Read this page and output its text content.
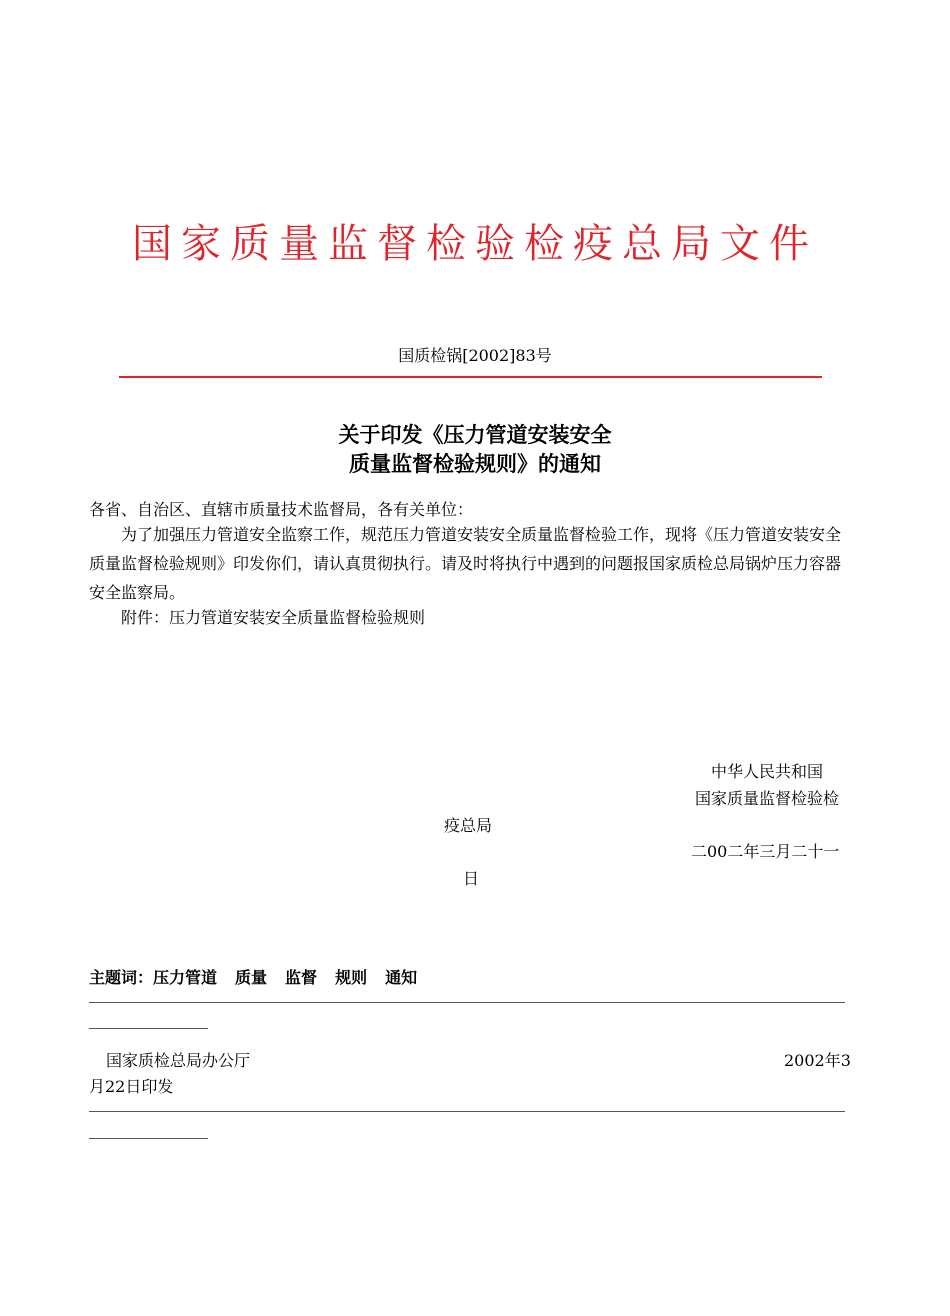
国家质量监督检验检疫总局文件
国质检锅[2002]83号
关于印发《压力管道安装安全
质量监督检验规则》的通知
各省、自治区、直辖市质量技术监督局，各有关单位：
为了加强压力管道安全监察工作，规范压力管道安装安全质量监督检验工作，现将《压力管道安装安全质量监督检验规则》印发你们，请认真贯彻执行。请及时将执行中遇到的问题报国家质检总局锅炉压力容器安全监察局。
附件：压力管道安装安全质量监督检验规则
中华人民共和国
国家质量监督检验检
疫总局
二00二年三月二十一
日
主题词：压力管道 质量 监督 规则 通知
国家质检总局办公厅	2002年3
月22日印发
